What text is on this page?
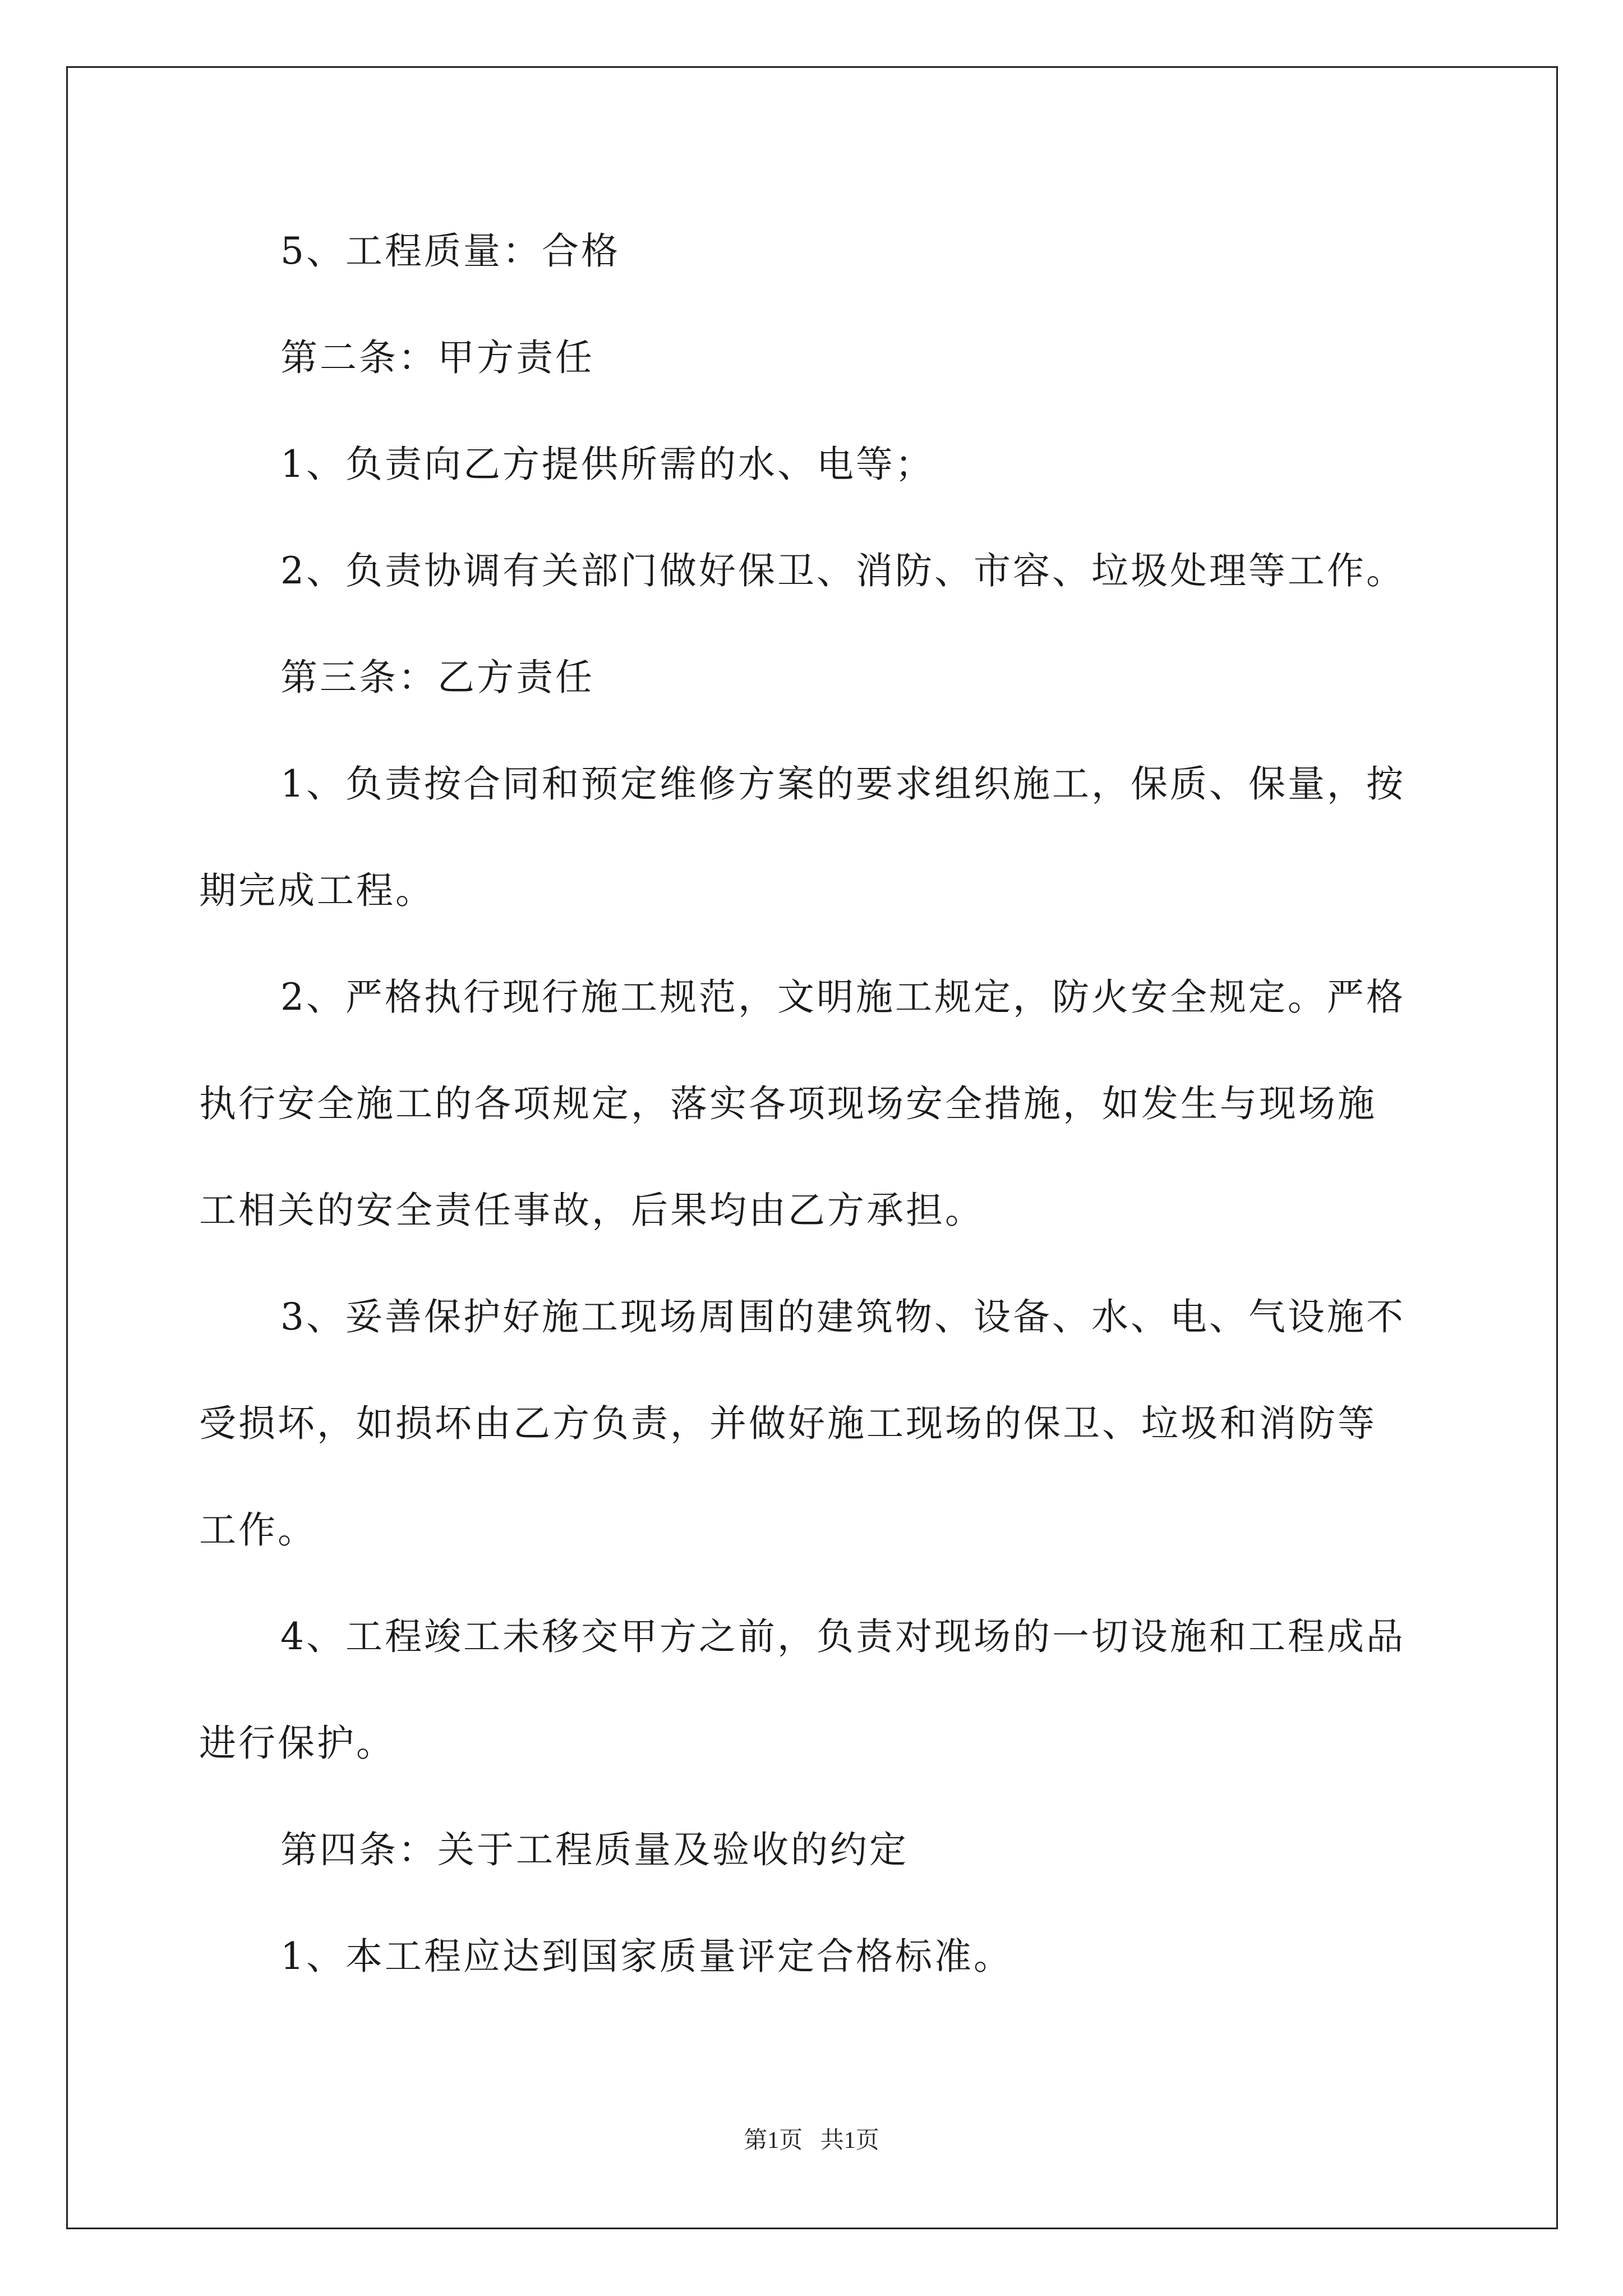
5、工程质量：合格
第二条：甲方责任
1、负责向乙方提供所需的水、电等；
2、负责协调有关部门做好保卫、消防、市容、垃圾处理等工作。
第三条：乙方责任
1、负责按合同和预定维修方案的要求组织施工，保质、保量，按
期完成工程。
2、严格执行现行施工规范，文明施工规定，防火安全规定。严格
执行安全施工的各项规定，落实各项现场安全措施，如发生与现场施
工相关的安全责任事故，后果均由乙方承担。
3、妥善保护好施工现场周围的建筑物、设备、水、电、气设施不
受损坏，如损坏由乙方负责，并做好施工现场的保卫、垃圾和消防等
工作。
4、工程竣工未移交甲方之前，负责对现场的一切设施和工程成品
进行保护。
第四条：关于工程质量及验收的约定
1、本工程应达到国家质量评定合格标准。
第1页   共1页
